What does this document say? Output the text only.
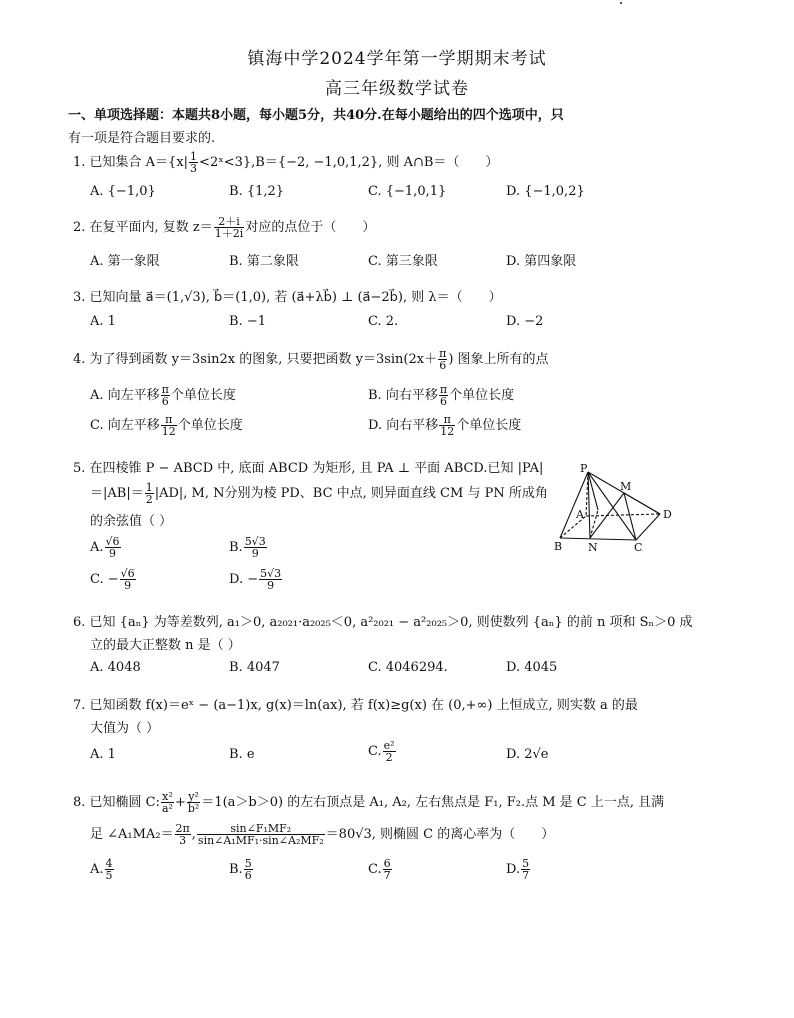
镇海中学2024学年第一学期期末考试
高三年级数学试卷
一、单项选择题：本题共8小题，每小题5分，共40分.在每小题给出的四个选项中，只
有一项是符合题目要求的.
1. 已知集合 $A=\{x| \frac{1}{3}$ <2ˣ<3},B＝{−2, −1,0,1,2}, 则 A∩B＝（　　）
A. {−1,0}	B. {1,2}	C. {−1,0,1}	D. {−1,0,2}
2. 在复平面内, 复数 $z= \frac{2+i}{1+2i}$ 对应的点位于（　　）
A. 第一象限	B. 第二象限	C. 第三象限	D. 第四象限
3. 已知向量 a⃗＝(1,√3), b⃗＝(1,0), 若 (a⃗+λb⃗) ⊥ (a⃗−2b⃗), 则 λ＝（　　）
A. 1	B. −1	C. 2.	D. −2
4. 为了得到函数 y＝3sin2x 的图象, 只要把函数 $y=3\sin(2x+ \frac{\pi}{6}$ ) 图象上所有的点
A. 向左平移 $\frac{\pi}{6}$ 个单位长度	B. 向右平移 $\frac{\pi}{6}$ 个单位长度
C. 向左平移 $\frac{\pi}{12}$ 个单位长度	D. 向右平移 $\frac{\pi}{12}$ 个单位长度
5. 在四棱锥 P − ABCD 中, 底面 ABCD 为矩形, 且 PA ⊥ 平面 ABCD.已知 |PA|
$=|AB|= \frac{1}{2} |AD|$, M, N分别为棱 PD、BC 中点, 则异面直线 CM 与 PN 所成角
的余弦值（ ）
A. $\frac{√6}{9}$	B. $\frac{5√3}{9}$
C. − $\frac{√6}{9}$	D. − $\frac{5√3}{9}$
P
M
A	D
B N	C
6. 已知 {aₙ} 为等差数列, a₁＞0, a₂₀₂₁·a₂₀₂₅＜0, a²₂₀₂₁ − a²₂₀₂₅＞0, 则使数列 {aₙ} 的前 n 项和 Sₙ＞0 成
立的最大正整数 n 是（ ）
A. 4048	B. 4047	C. 4046294.	D. 4045
7. 已知函数 f(x)＝eˣ − (a−1)x, g(x)＝ln(ax), 若 f(x)≥g(x) 在 (0,+∞) 上恒成立, 则实数 a 的最
大值为（ ）
A. 1	B. e	C. $\frac{\text{e²}}{2}$	D. 2√e
8. 已知椭圆 C: $\frac{\text{x²}}{\text{a²}} + \frac{\text{y²}}{\text{b²}} =1(a>b>0)$ 的左右顶点是 A₁, A₂, 左右焦点是 F₁, F₂.点 M 是 C 上一点, 且满
足 ∠A₁MA₂＝ $\frac{2\pi}{3}$ , $\frac{\text{sin∠F₁MF₂}}{\text{sin∠A₁MF₁·sin∠A₂MF₂}} =80√3$, 则椭圆 C 的离心率为（　　）
A. $\frac{4}{5}$	B. $\frac{5}{6}$	C. $\frac{6}{7}$	D. $\frac{5}{7}$
